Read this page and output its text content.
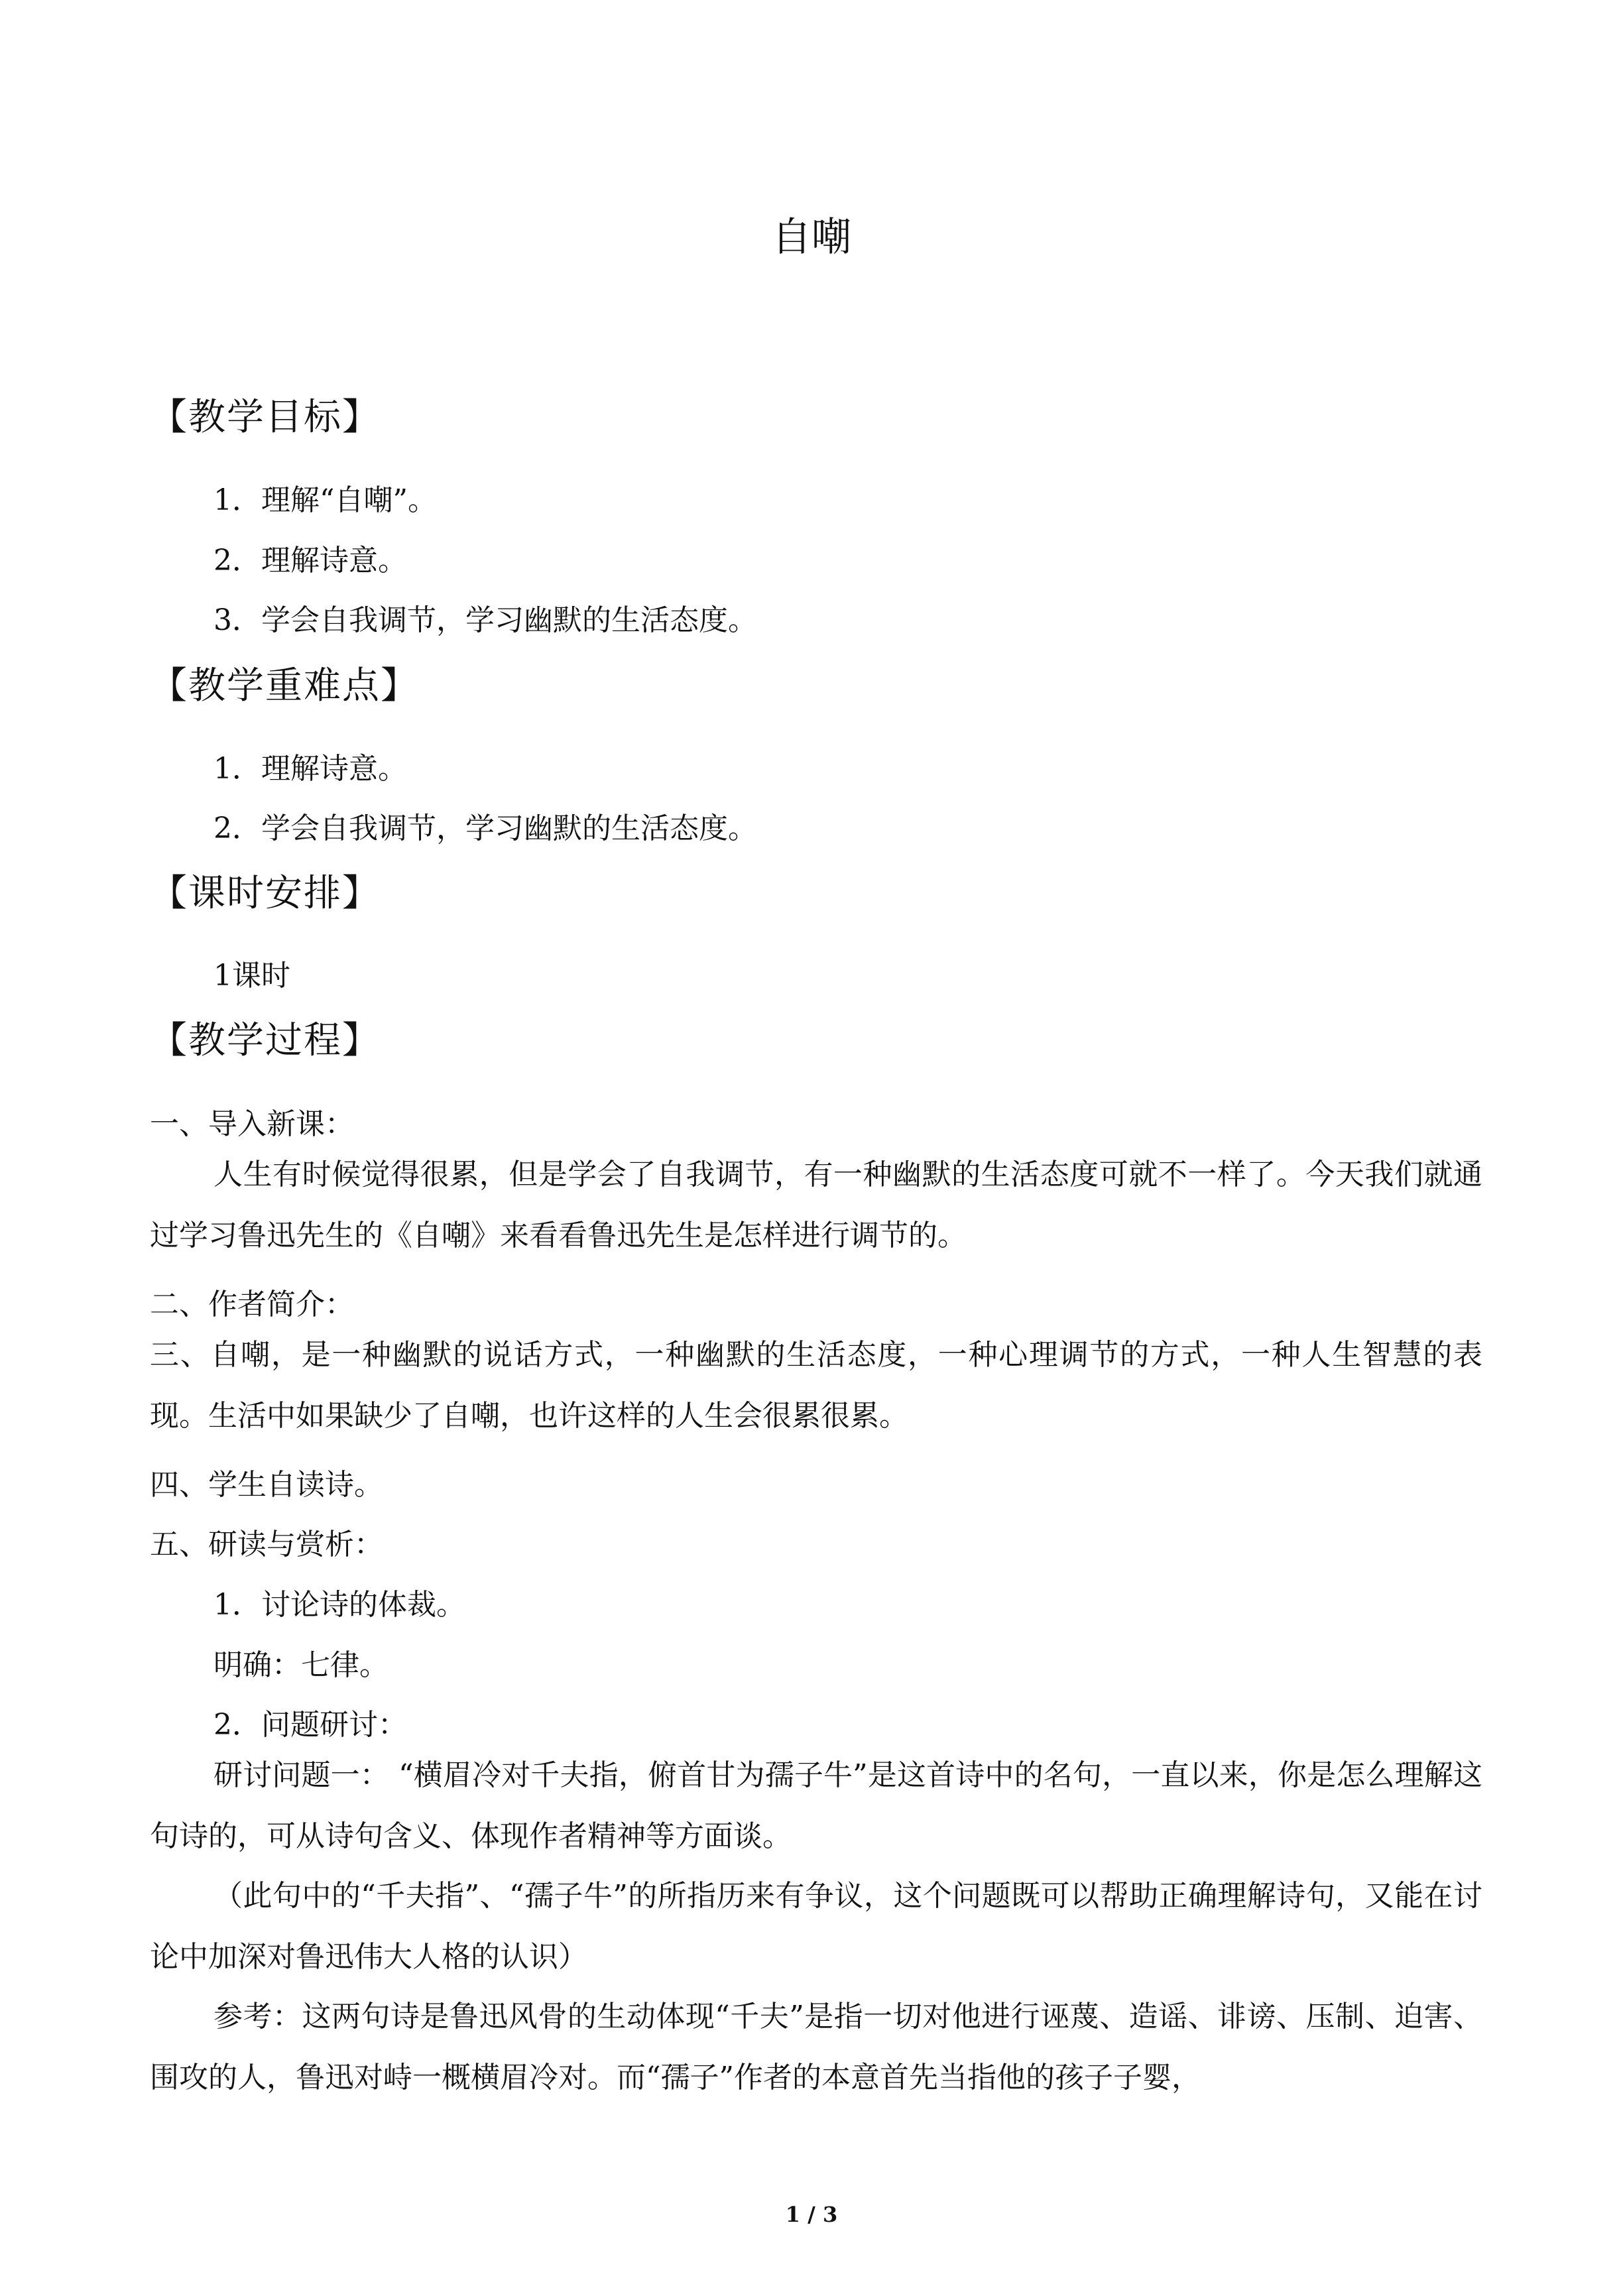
自嘲
【教学目标】
1．理解“自嘲”。
2．理解诗意。
3．学会自我调节，学习幽默的生活态度。
【教学重难点】
1．理解诗意。
2．学会自我调节，学习幽默的生活态度。
【课时安排】
1课时
【教学过程】
一、导入新课：
人生有时候觉得很累，但是学会了自我调节，有一种幽默的生活态度可就不一样了。今天我们就通过学习鲁迅先生的《自嘲》来看看鲁迅先生是怎样进行调节的。
二、作者简介：
三、自嘲，是一种幽默的说话方式，一种幽默的生活态度，一种心理调节的方式，一种人生智慧的表现。生活中如果缺少了自嘲，也许这样的人生会很累很累。
四、学生自读诗。
五、研读与赏析：
1．讨论诗的体裁。
明确：七律。
2．问题研讨：
研讨问题一： “横眉冷对千夫指，俯首甘为孺子牛”是这首诗中的名句，一直以来，你是怎么理解这句诗的，可从诗句含义、体现作者精神等方面谈。
（此句中的“千夫指”、“孺子牛”的所指历来有争议，这个问题既可以帮助正确理解诗句，又能在讨论中加深对鲁迅伟大人格的认识）
参考：这两句诗是鲁迅风骨的生动体现“千夫”是指一切对他进行诬蔑、造谣、诽谤、压制、迫害、围攻的人，鲁迅对峙一概横眉冷对。而“孺子”作者的本意首先当指他的孩子子婴，
1 / 3
